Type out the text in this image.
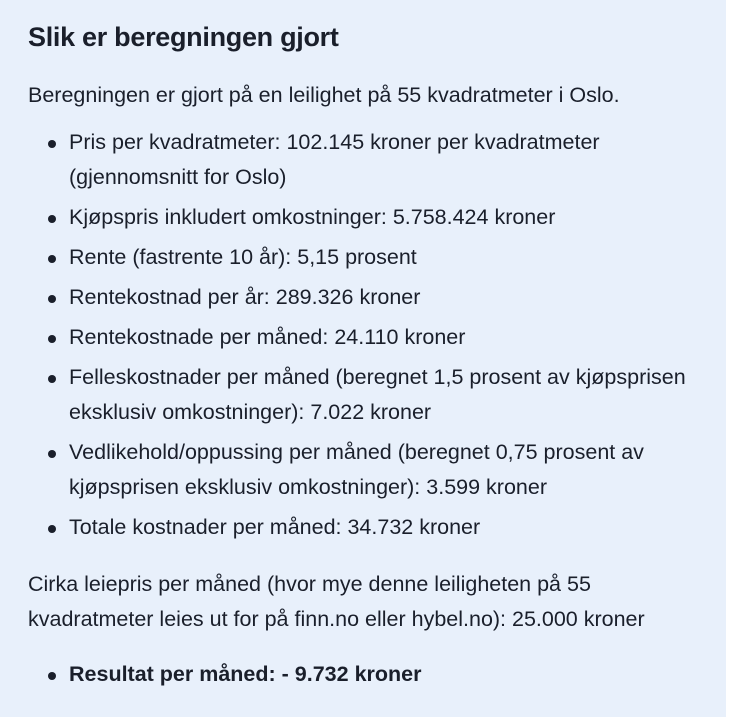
Slik er beregningen gjort

Beregningen er gjort på en leilighet på 55 kvadratmeter i Oslo.

Pris per kvadratmeter: 102.145 kroner per kvadratmeter (gjennomsnitt for Oslo)
Kjøpspris inkludert omkostninger: 5.758.424 kroner
Rente (fastrente 10 år): 5,15 prosent
Rentekostnad per år: 289.326 kroner
Rentekostnade per måned: 24.110 kroner
Felleskostnader per måned (beregnet 1,5 prosent av kjøpsprisen eksklusiv omkostninger): 7.022 kroner
Vedlikehold/oppussing per måned (beregnet 0,75 prosent av kjøpsprisen eksklusiv omkostninger): 3.599 kroner
Totale kostnader per måned: 34.732 kroner

Cirka leiepris per måned (hvor mye denne leiligheten på 55 kvadratmeter leies ut for på finn.no eller hybel.no): 25.000 kroner

Resultat per måned: - 9.732 kroner
